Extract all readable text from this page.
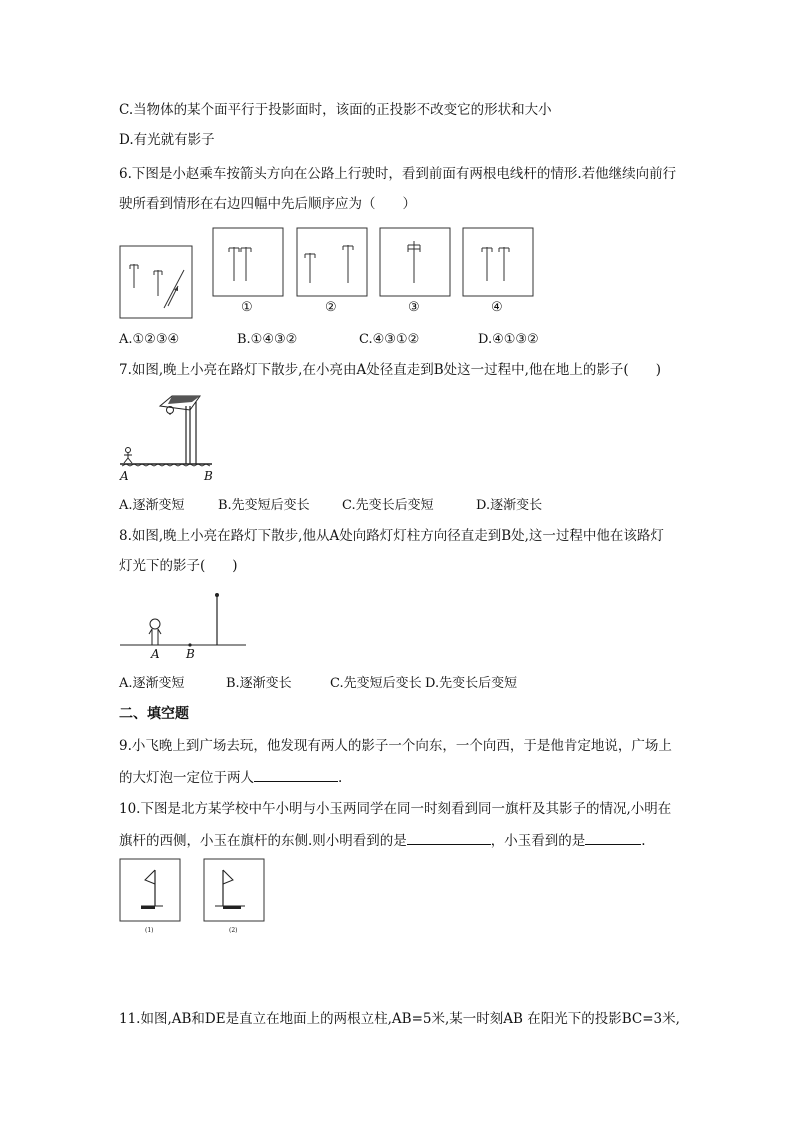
C.当物体的某个面平行于投影面时，该面的正投影不改变它的形状和大小
D.有光就有影子
6.下图是小赵乘车按箭头方向在公路上行驶时，看到前面有两根电线杆的情形.若他继续向前行
驶所看到情形在右边四幅中先后顺序应为（　　）
①	②	③	④
A.①②③④	B.①④③②	C.④③①②	D.④①③②
7.如图,晚上小亮在路灯下散步,在小亮由A处径直走到B处这一过程中,他在地上的影子(　　)
A	B
A.逐渐变短	B.先变短后变长 C.先变长后变短	D.逐渐变长
8.如图,晚上小亮在路灯下散步,他从A处向路灯灯柱方向径直走到B处,这一过程中他在该路灯
灯光下的影子(　　)
A B
A.逐渐变短	B.逐渐变长	C.先变短后变长 D.先变长后变短
二、填空题
9.小飞晚上到广场去玩，他发现有两人的影子一个向东，一个向西，于是他肯定地说，广场上
的大灯泡一定位于两人	.
10.下图是北方某学校中午小明与小玉两同学在同一时刻看到同一旗杆及其影子的情况,小明在
旗杆的西侧，小玉在旗杆的东侧.则小明看到的是	，小玉看到的是	.
(1)	(2)
11.如图,AB和DE是直立在地面上的两根立柱,AB=5米,某一时刻AB 在阳光下的投影BC=3米,
